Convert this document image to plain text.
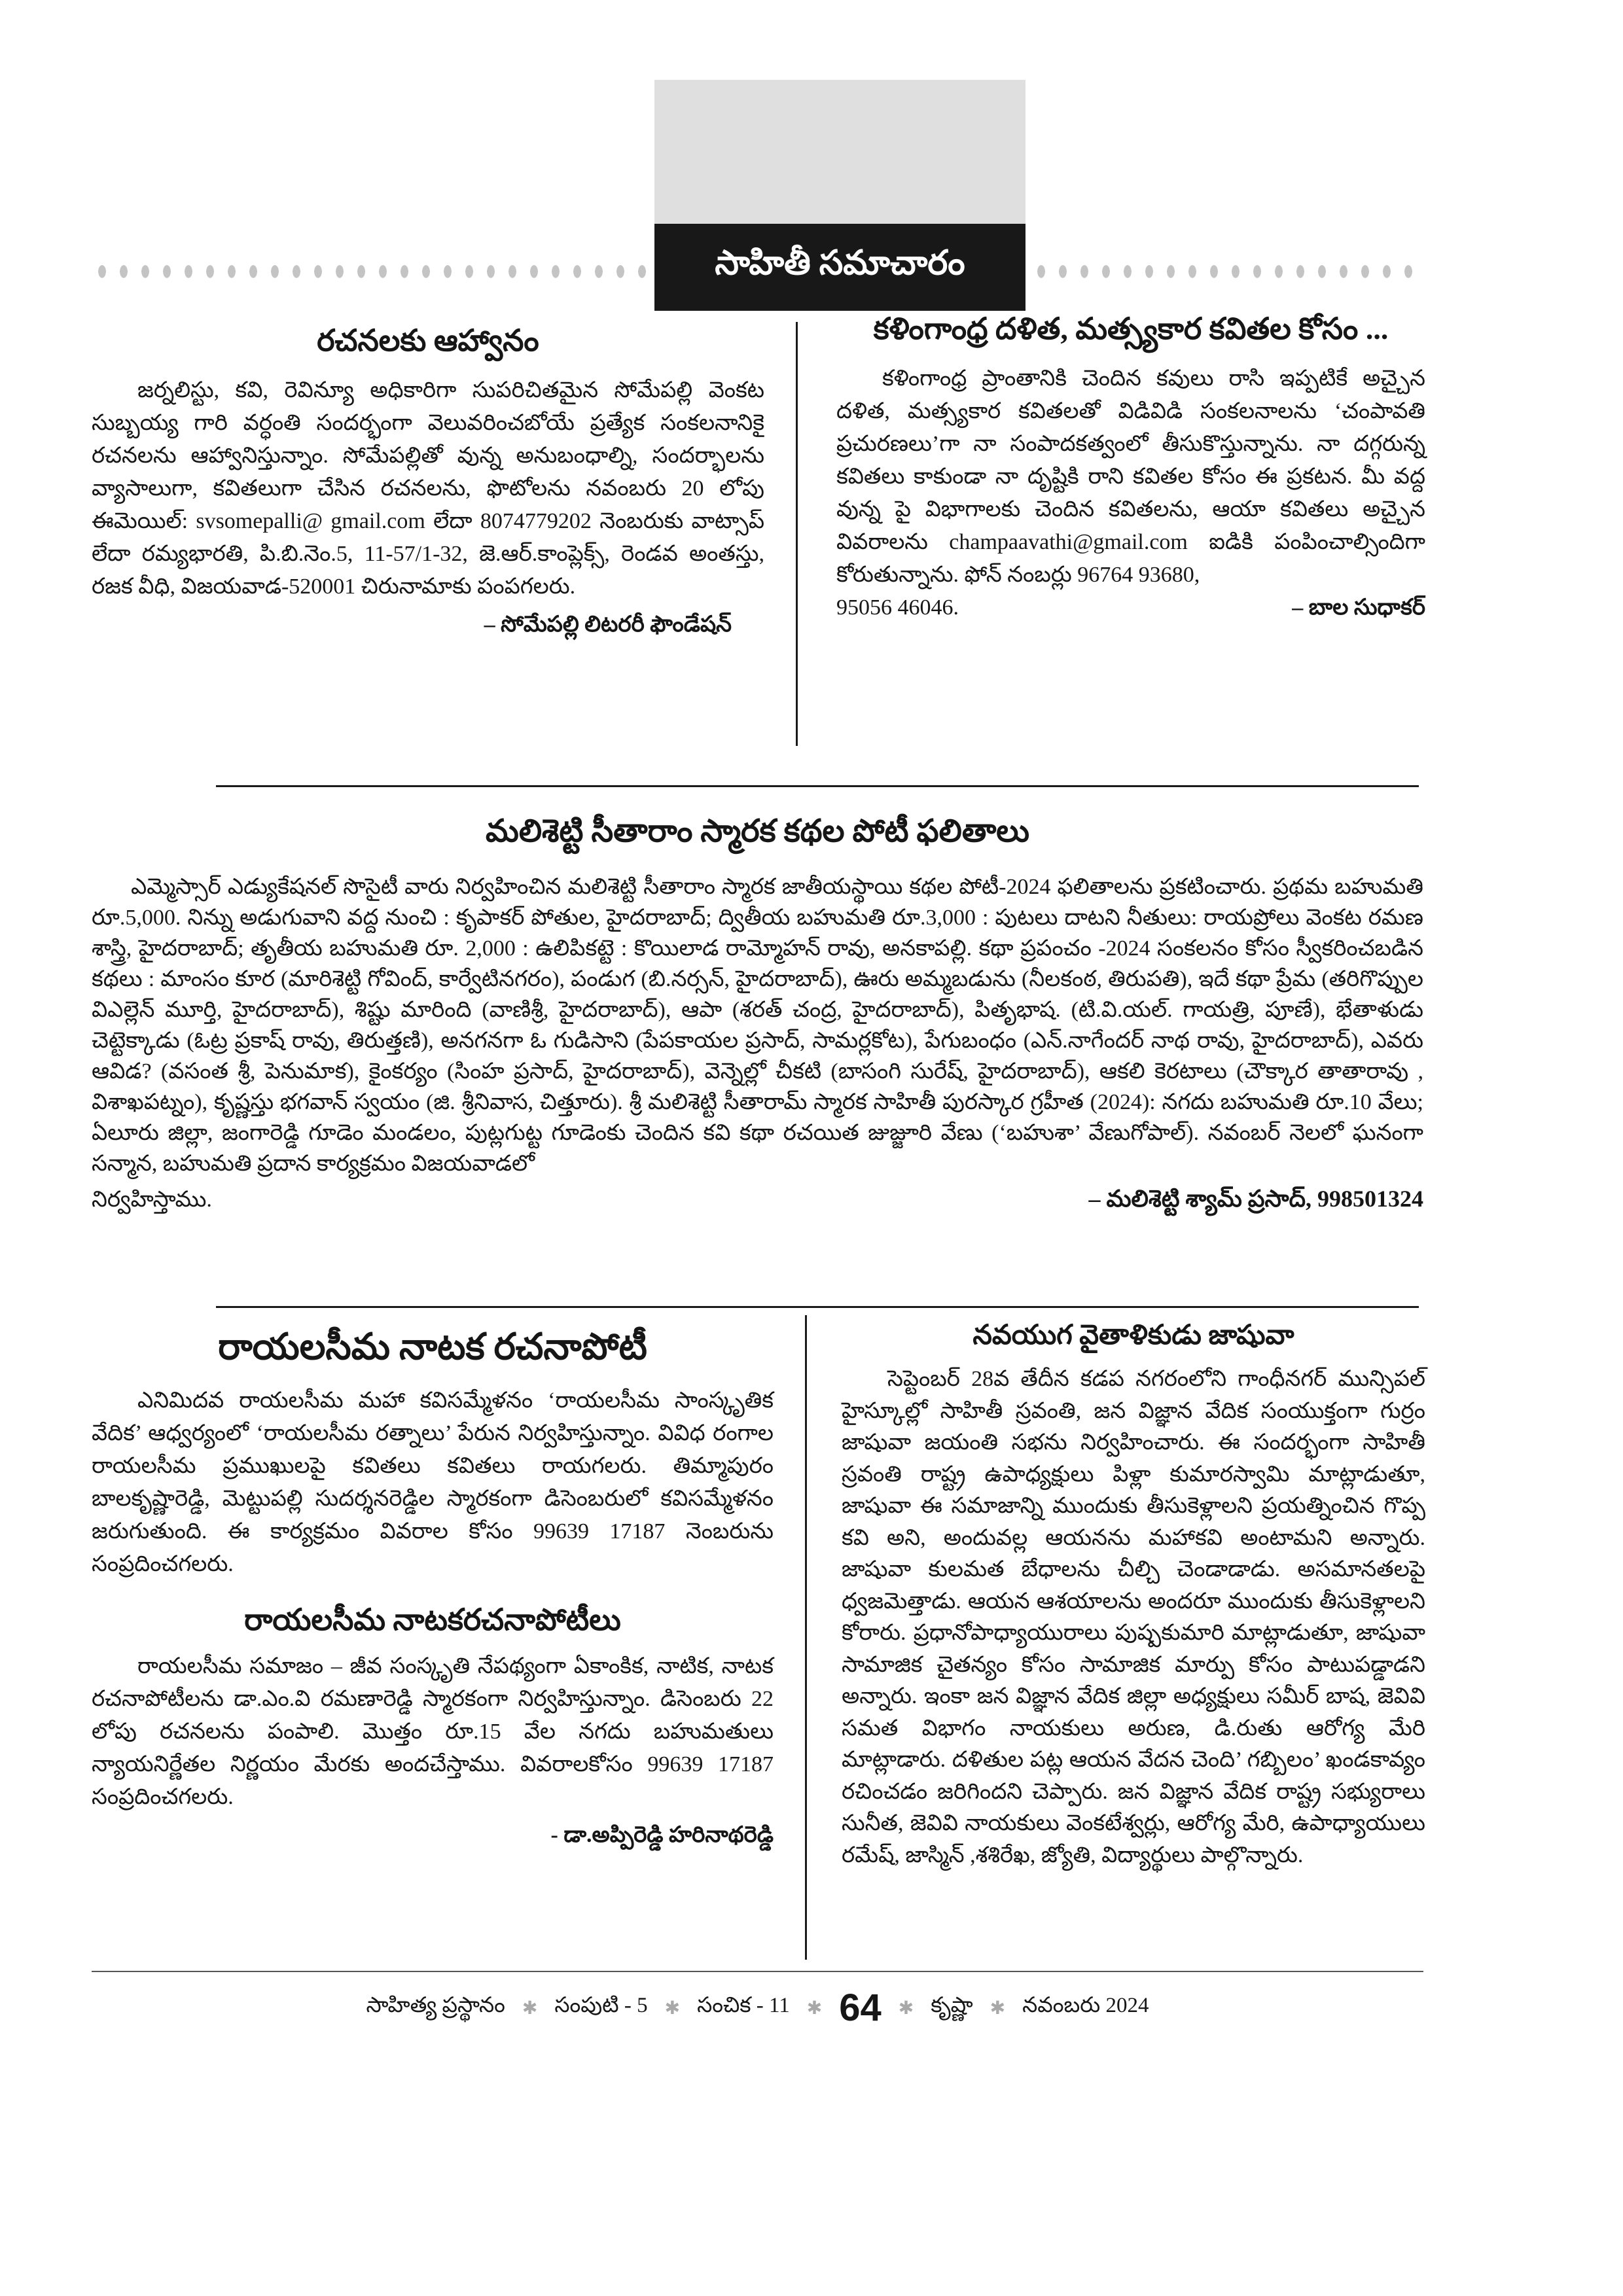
సాహితీ సమాచారం
రచనలకు ఆహ్వానం

జర్నలిస్టు, కవి, రెవిన్యూ అధికారిగా సుపరిచితమైన సోమేపల్లి వెంకట సుబ్బయ్య గారి వర్ధంతి సందర్భంగా వెలువరించబోయే ప్రత్యేక సంకలనానికై రచనలను ఆహ్వానిస్తున్నాం. సోమేపల్లితో వున్న అనుబంధాల్ని, సందర్భాలను వ్యాసాలుగా, కవితలుగా చేసిన రచనలను, ఫొటోలను నవంబరు 20 లోపు ఈమెయిల్: svsomepalli@ gmail.com లేదా 8074779202 నెంబరుకు వాట్సాప్ లేదా రమ్యభారతి, పి.బి.నెం.5, 11-57/1-32, జె.ఆర్.కాంప్లెక్స్, రెండవ అంతస్తు, రజక వీధి, విజయవాడ-520001 చిరునామాకు పంపగలరు.

– సోమేపల్లి లిటరరీ ఫౌండేషన్
కళింగాంధ్ర దళిత, మత్స్యకార కవితల కోసం ...

కళింగాంధ్ర ప్రాంతానికి చెందిన కవులు రాసి ఇప్పటికే అచ్చైన దళిత, మత్స్యకార కవితలతో విడివిడి సంకలనాలను ‘చంపావతి ప్రచురణలు’గా నా సంపాదకత్వంలో తీసుకొస్తున్నాను. నా దగ్గరున్న కవితలు కాకుండా నా దృష్టికి రాని కవితల కోసం ఈ ప్రకటన. మీ వద్ద వున్న పై విభాగాలకు చెందిన కవితలను, ఆయా కవితలు అచ్చైన వివరాలను champaavathi@gmail.com ఐడికి పంపించాల్సిందిగా కోరుతున్నాను. ఫోన్ నంబర్లు 96764 93680,

95056 46046.	– బాల సుధాకర్
మలిశెట్టి సీతారాం స్మారక కథల పోటీ ఫలితాలు

ఎమ్మెస్సార్ ఎడ్యుకేషనల్ సొసైటీ వారు నిర్వహించిన మలిశెట్టి సీతారాం స్మారక జాతీయస్థాయి కథల పోటీ-2024 ఫలితాలను ప్రకటించారు. ప్రథమ బహుమతి రూ.5,000. నిన్ను అడుగువాని వద్ద నుంచి : కృపాకర్ పోతుల, హైదరాబాద్; ద్వితీయ బహుమతి రూ.3,000 : పుటలు దాటని నీతులు: రాయప్రోలు వెంకట రమణ శాస్త్రి, హైదరాబాద్; తృతీయ బహుమతి రూ. 2,000 : ఉలిపికట్టె : కొయిలాడ రామ్మోహన్ రావు, అనకాపల్లి. కథా ప్రపంచం -2024 సంకలనం కోసం స్వీకరించబడిన కథలు : మాంసం కూర (మారిశెట్టి గోవింద్, కార్వేటినగరం), పండుగ (బి.నర్సన్, హైదరాబాద్), ఊరు అమ్మబడును (నీలకంఠ, తిరుపతి), ఇదే కథా ప్రేమ (తరిగొప్పుల విఎల్లెన్ మూర్తి, హైదరాబాద్), శిష్టు మారింది (వాణిశ్రీ, హైదరాబాద్), ఆపా (శరత్ చంద్ర, హైదరాబాద్), పితృభాష. (టి.వి.యల్. గాయత్రి, పూణే), భేతాళుడు చెట్టెక్కాడు (ఓట్ర ప్రకాష్ రావు, తిరుత్తణి), అనగనగా ఓ గుడిసాని (పేపకాయల ప్రసాద్, సామర్లకోట), పేగుబంధం (ఎన్.నాగేందర్ నాథ రావు, హైదరాబాద్), ఎవరు ఆవిడ? (వసంత శ్రీ, పెనుమాక), కైంకర్యం (సింహ ప్రసాద్, హైదరాబాద్), వెన్నెల్లో చీకటి (బాసంగి సురేష్, హైదరాబాద్), ఆకలి కెరటాలు (చౌక్కార తాతారావు , విశాఖపట్నం), కృష్ణస్తు భగవాన్ స్వయం (జి. శ్రీనివాస, చిత్తూరు). శ్రీ మలిశెట్టి సీతారామ్ స్మారక సాహితీ పురస్కార గ్రహీత (2024): నగదు బహుమతి రూ.10 వేలు; ఏలూరు జిల్లా, జంగారెడ్డి గూడెం మండలం, పుట్లగుట్ట గూడెంకు చెందిన కవి కథా రచయిత జుజ్జూరి వేణు (‘బహుశా’ వేణుగోపాల్). నవంబర్ నెలలో ఘనంగా సన్మాన, బహుమతి ప్రదాన కార్యక్రమం విజయవాడలో

నిర్వహిస్తాము.	– మలిశెట్టి శ్యామ్ ప్రసాద్, 998501324
రాయలసీమ నాటక రచనాపోటీ

ఎనిమిదవ రాయలసీమ మహా కవిసమ్మేళనం ‘రాయలసీమ సాంస్కృతిక వేదిక’ ఆధ్వర్యంలో ‘రాయలసీమ రత్నాలు’ పేరున నిర్వహిస్తున్నాం. వివిధ రంగాల రాయలసీమ ప్రముఖులపై కవితలు కవితలు రాయగలరు. తిమ్మాపురం బాలకృష్ణారెడ్డి, మెట్టుపల్లి సుదర్శనరెడ్డిల స్మారకంగా డిసెంబరులో కవిసమ్మేళనం జరుగుతుంది. ఈ కార్యక్రమం వివరాల కోసం 99639 17187 నెంబరును సంప్రదించగలరు.

రాయలసీమ నాటకరచనాపోటీలు

రాయలసీమ సమాజం – జీవ సంస్కృతి నేపథ్యంగా ఏకాంకిక, నాటిక, నాటక రచనాపోటీలను డా.ఎం.వి రమణారెడ్డి స్మారకంగా నిర్వహిస్తున్నాం. డిసెంబరు 22 లోపు రచనలను పంపాలి. మొత్తం రూ.15 వేల నగదు బహుమతులు న్యాయనిర్ణేతల నిర్ణయం మేరకు అందచేస్తాము. వివరాలకోసం 99639 17187 సంప్రదించగలరు.

- డా.అప్పిరెడ్డి హరినాథరెడ్డి
నవయుగ వైతాళికుడు జాషువా

సెప్టెంబర్ 28వ తేదీన కడప నగరంలోని గాంధీనగర్ మున్సిపల్ హైస్కూల్లో సాహితీ స్రవంతి, జన విజ్ఞాన వేదిక సంయుక్తంగా గుర్రం జాషువా జయంతి సభను నిర్వహించారు. ఈ సందర్భంగా సాహితీ స్రవంతి రాష్ట్ర ఉపాధ్యక్షులు పిళ్లా కుమారస్వామి మాట్లాడుతూ, జాషువా ఈ సమాజాన్ని ముందుకు తీసుకెళ్లాలని ప్రయత్నించిన గొప్ప కవి అని, అందువల్ల ఆయనను మహాకవి అంటామని అన్నారు. జాషువా కులమత బేధాలను చీల్చి చెండాడాడు. అసమానతలపై ధ్వజమెత్తాడు. ఆయన ఆశయాలను అందరూ ముందుకు తీసుకెళ్లాలని కోరారు. ప్రధానోపాధ్యాయురాలు పుష్పకుమారి మాట్లాడుతూ, జాషువా సామాజిక చైతన్యం కోసం సామాజిక మార్పు కోసం పాటుపడ్డాడని అన్నారు. ఇంకా జన విజ్ఞాన వేదిక జిల్లా అధ్యక్షులు సమీర్ బాష, జెవివి సమత విభాగం నాయకులు అరుణ, డి.రుతు ఆరోగ్య మేరి మాట్లాడారు. దళితుల పట్ల ఆయన వేదన చెంది’ గబ్బిలం’ ఖండకావ్యం రచించడం జరిగిందని చెప్పారు. జన విజ్ఞాన వేదిక రాష్ట్ర సభ్యురాలు సునీత, జెవివి నాయకులు వెంకటేశ్వర్లు, ఆరోగ్య మేరి, ఉపాధ్యాయులు రమేష్, జాస్మిన్ ,శశిరేఖ, జ్యోతి, విద్యార్థులు పాల్గొన్నారు.

సాహిత్య ప్రస్థానం ✱ సంపుటి - 5 ✱ సంచిక - 11 ✱ 64 ✱ కృష్ణా ✱ నవంబరు 2024
